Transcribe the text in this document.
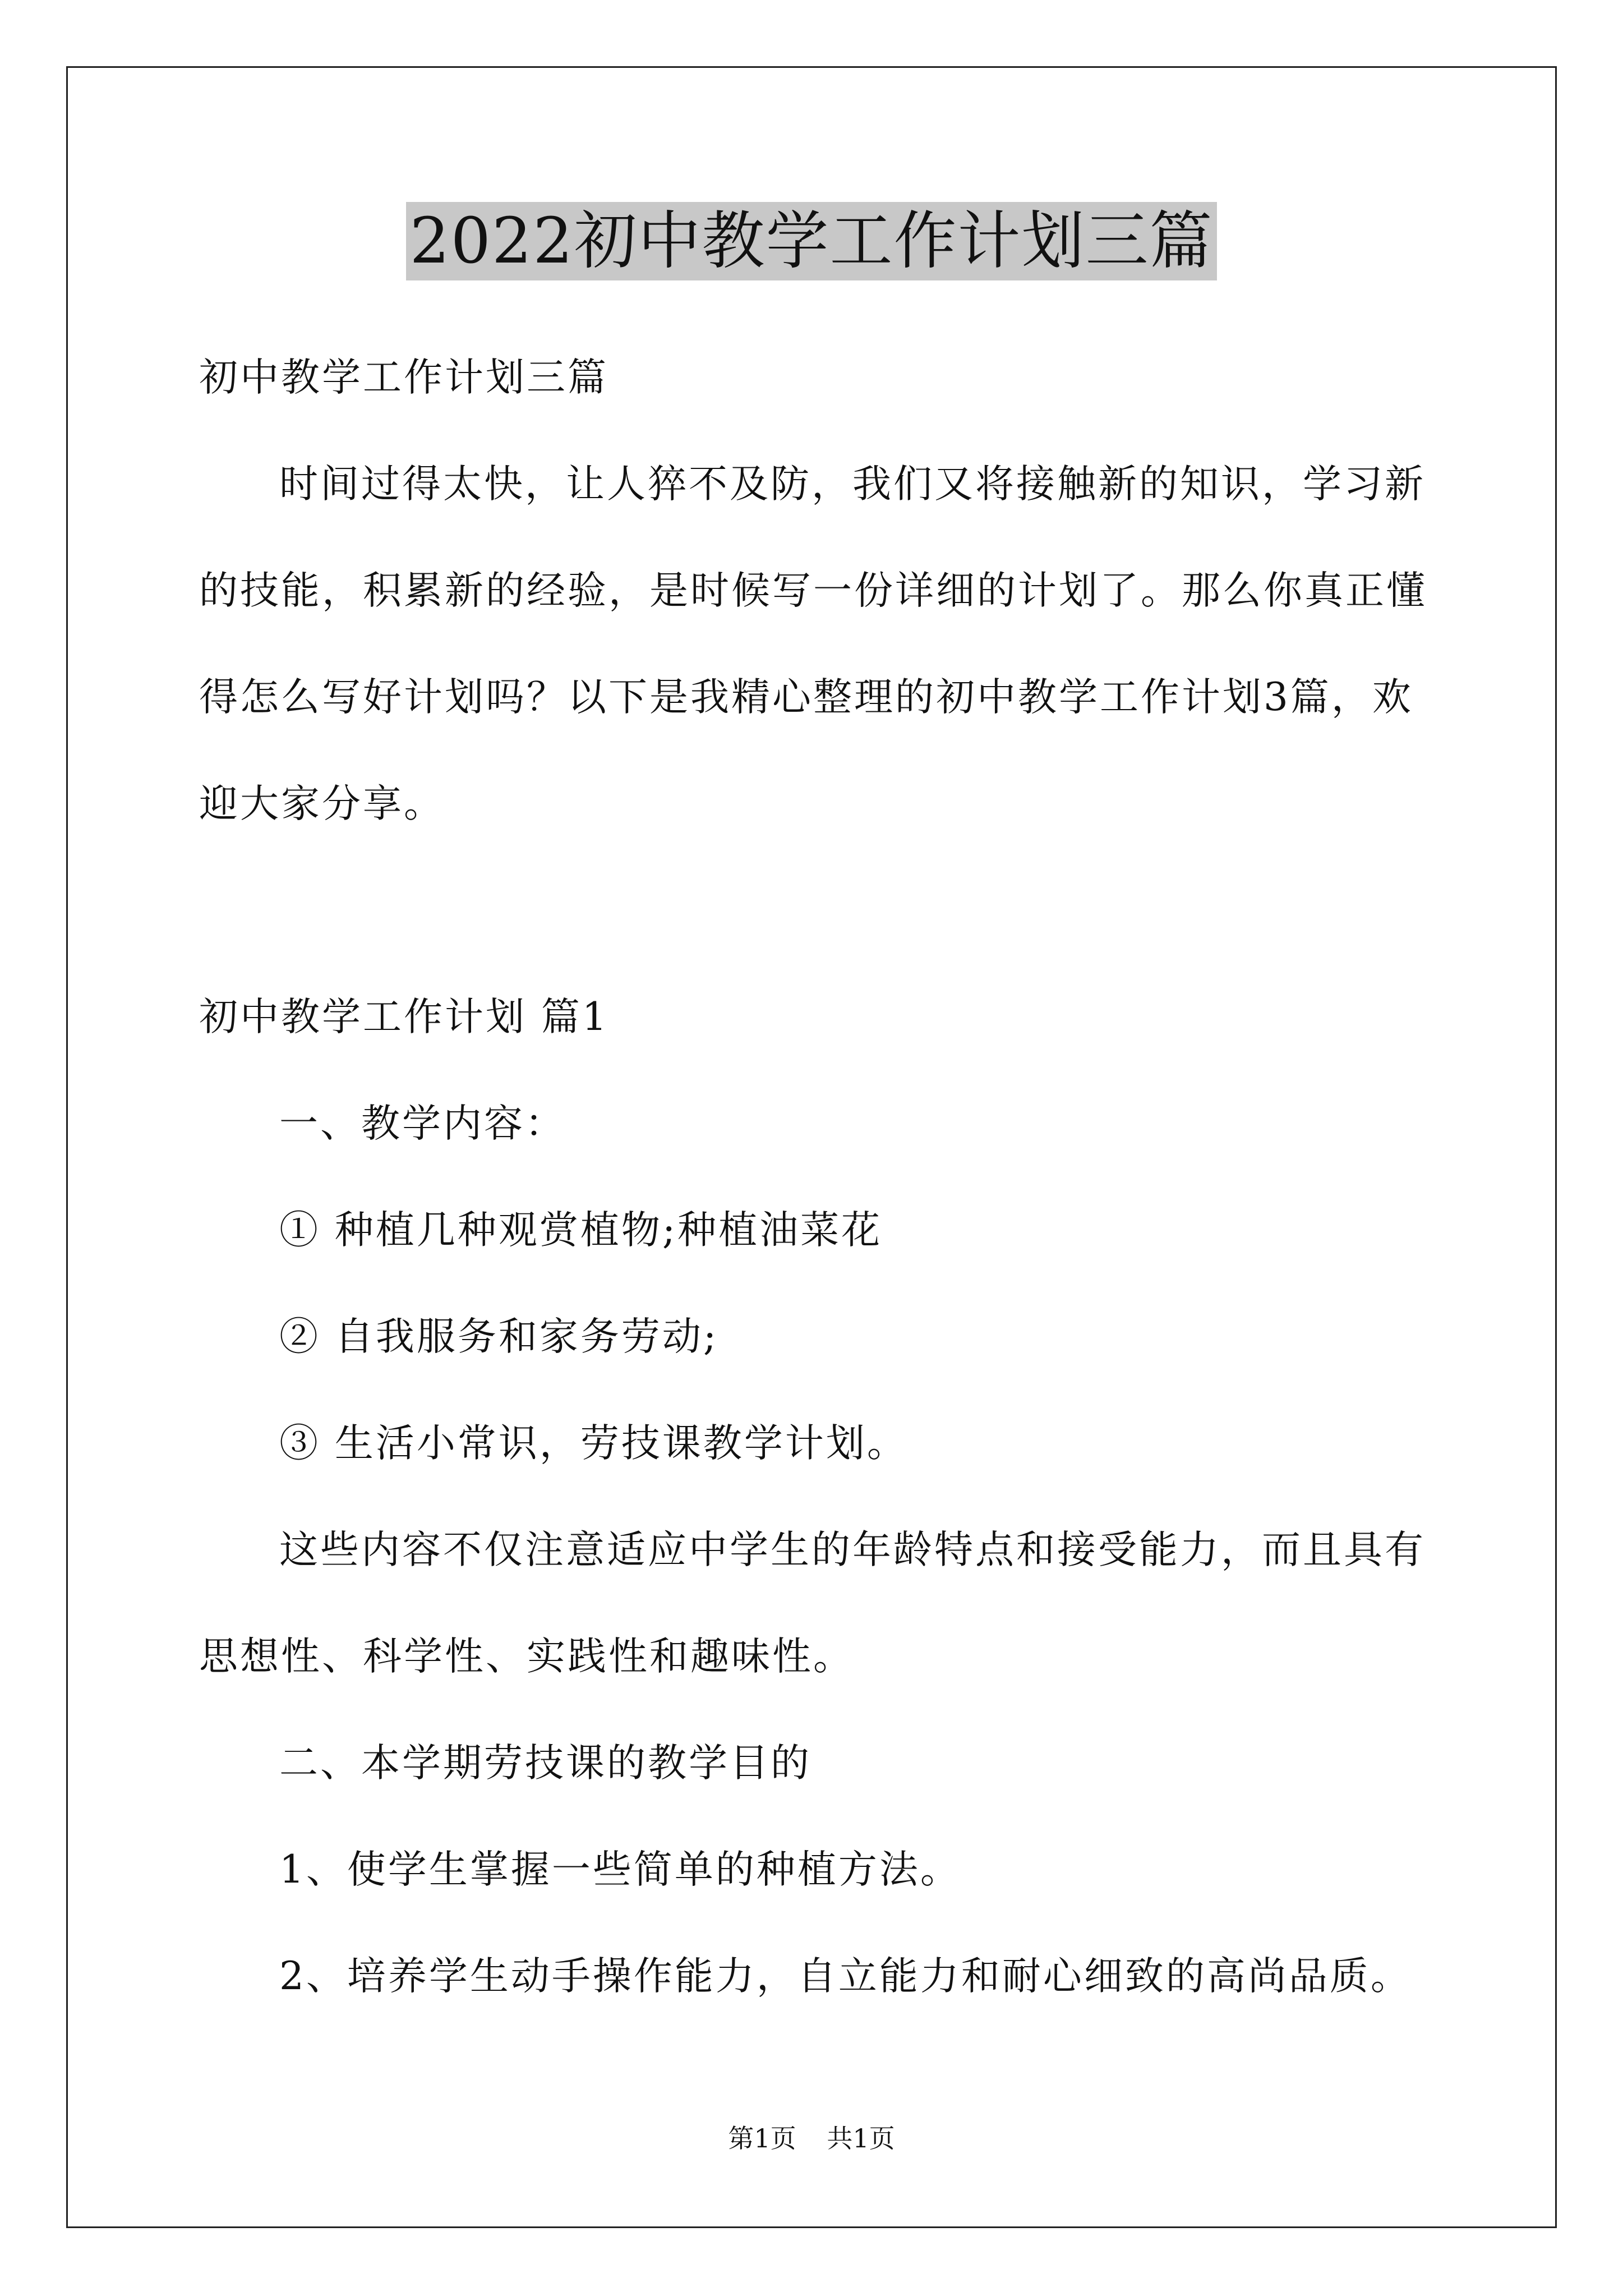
2022初中教学工作计划三篇
初中教学工作计划三篇
时间过得太快，让人猝不及防，我们又将接触新的知识，学习新
的技能，积累新的经验，是时候写一份详细的计划了。那么你真正懂
得怎么写好计划吗？以下是我精心整理的初中教学工作计划3篇，欢
迎大家分享。
初中教学工作计划 篇1
一、教学内容：
① 种植几种观赏植物;种植油菜花
② 自我服务和家务劳动;
③ 生活小常识，劳技课教学计划。
这些内容不仅注意适应中学生的年龄特点和接受能力，而且具有
思想性、科学性、实践性和趣味性。
二、本学期劳技课的教学目的
1、使学生掌握一些简单的种植方法。
2、培养学生动手操作能力，自立能力和耐心细致的高尚品质。
第1页 共1页
